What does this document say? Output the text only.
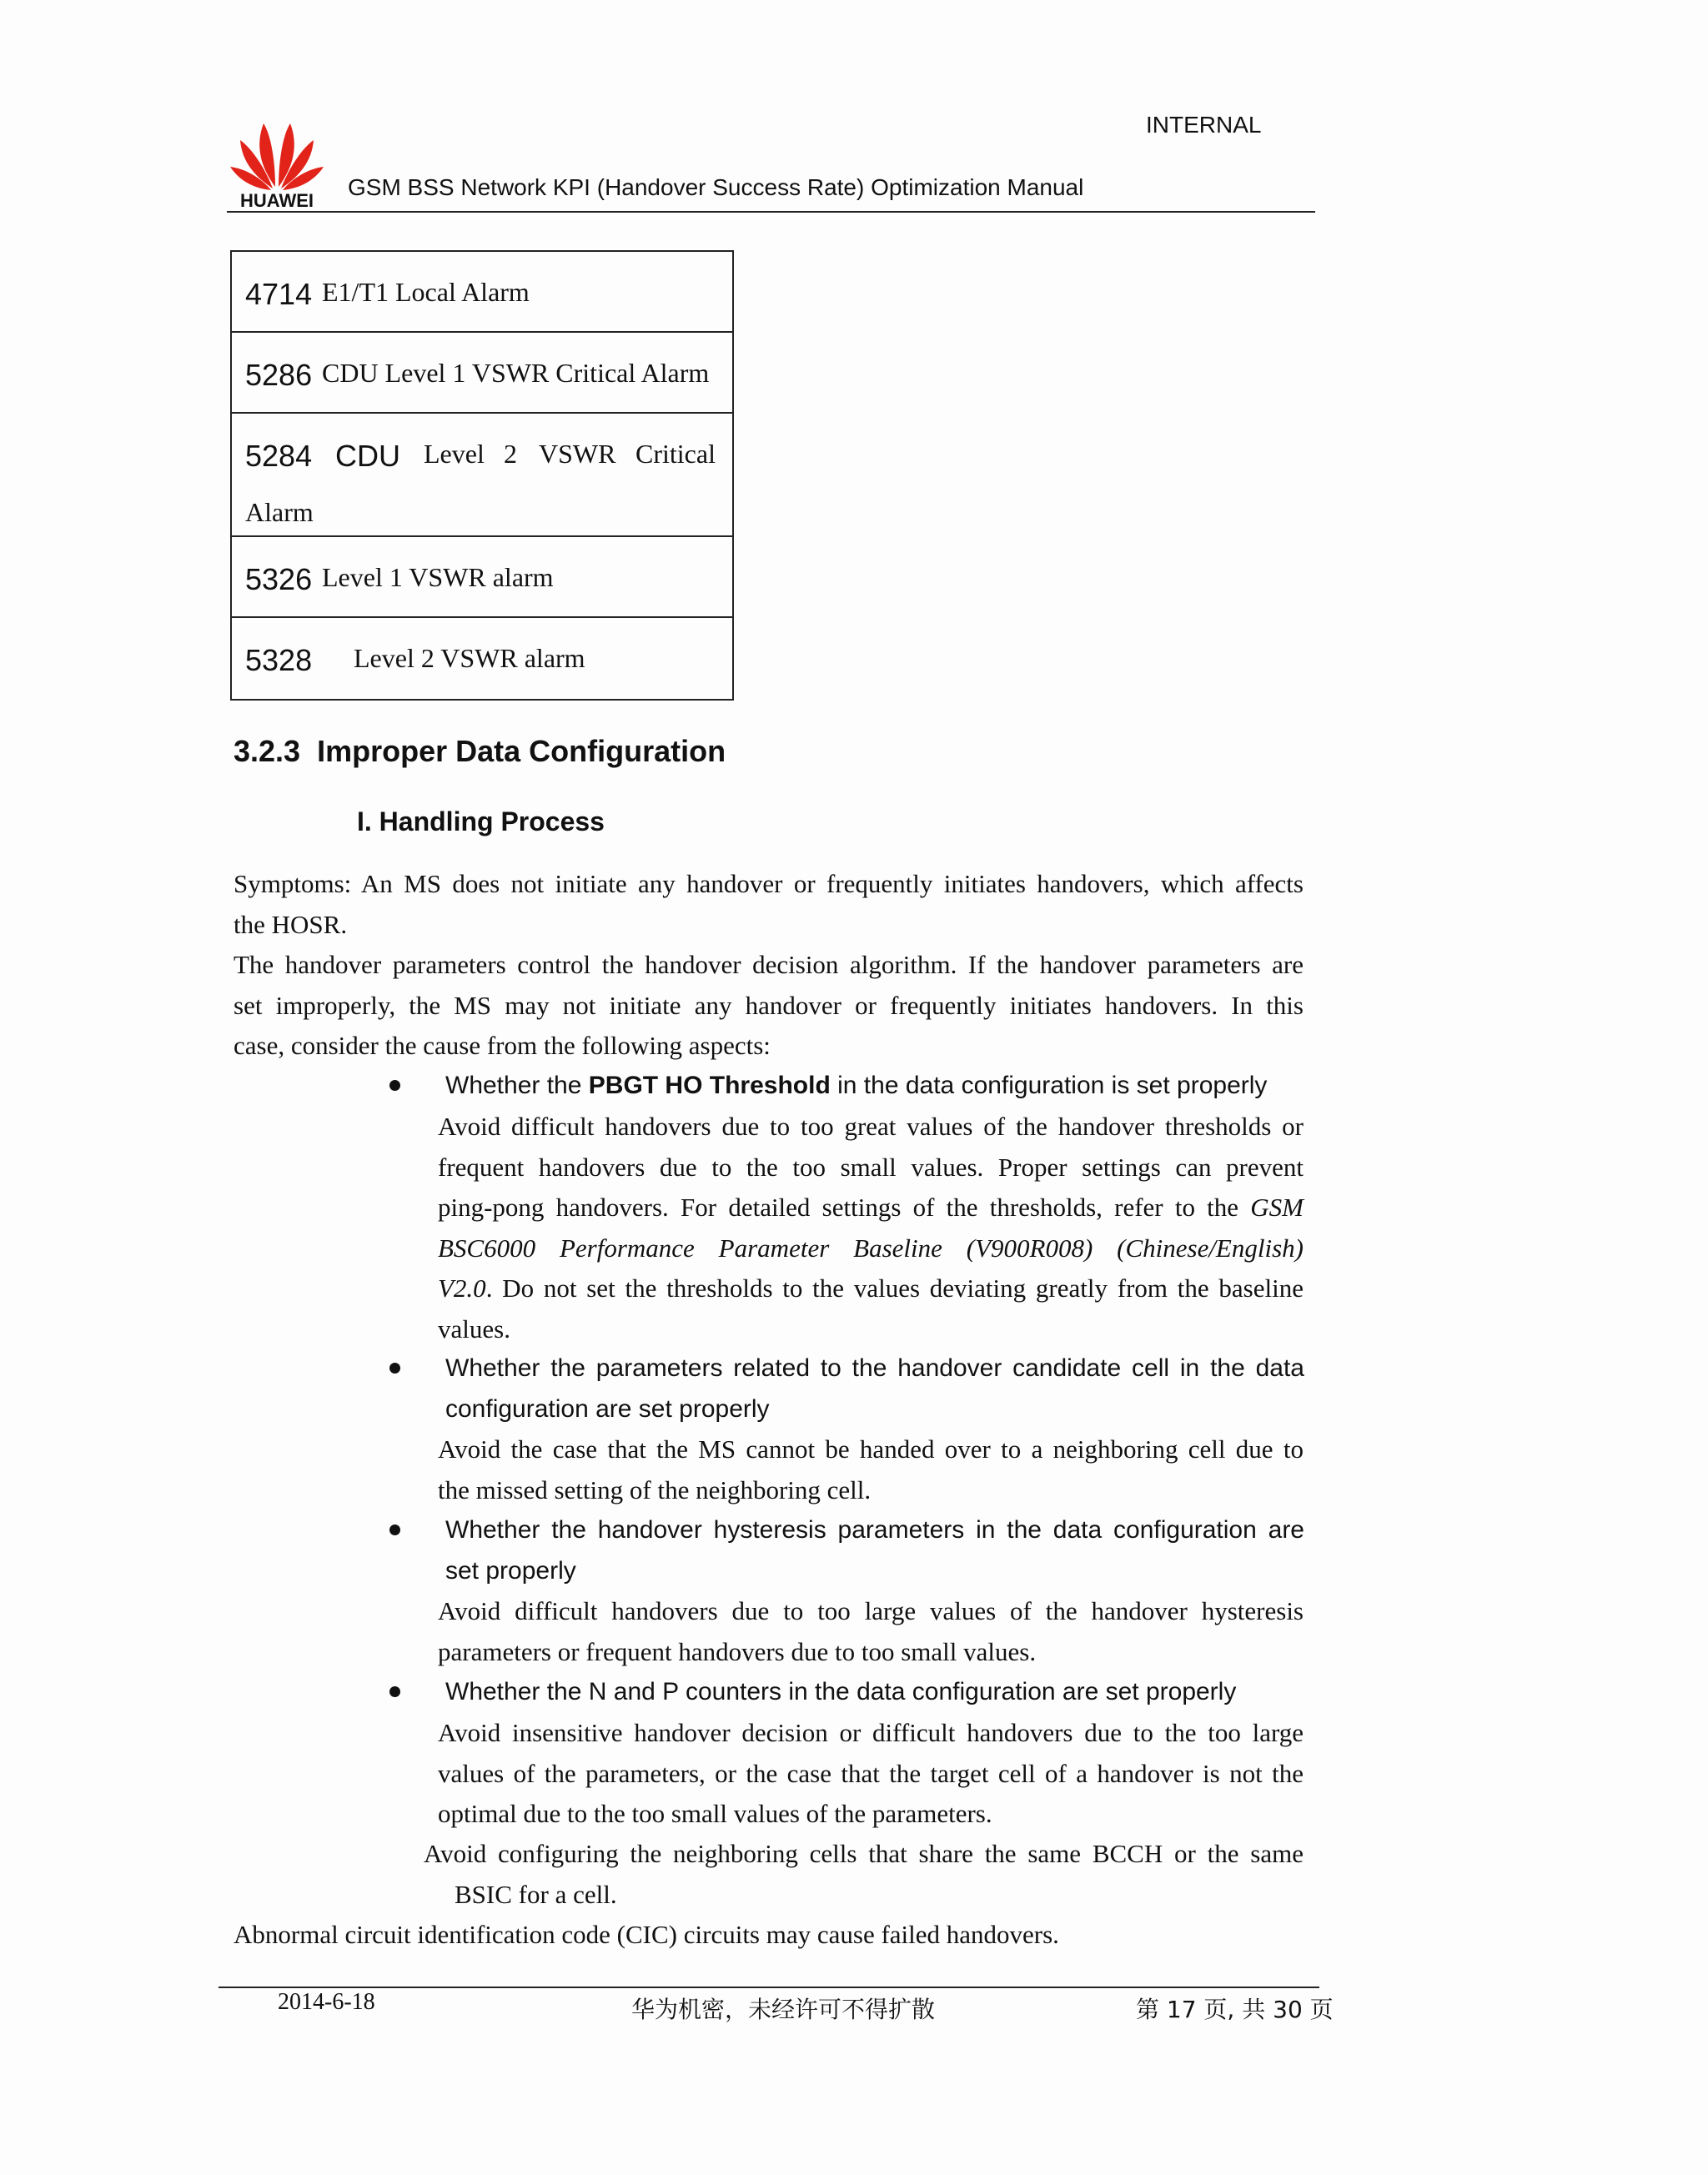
HUAWEI
INTERNAL
GSM BSS Network KPI (Handover Success Rate) Optimization Manual
4714 E1/T1 Local Alarm
5286 CDU Level 1 VSWR Critical Alarm
5284 CDU Level 2 VSWR Critical
Alarm
5326 Level 1 VSWR alarm
5328 Level 2 VSWR alarm
3.2.3  Improper Data Configuration
I. Handling Process
Symptoms: An MS does not initiate any handover or frequently initiates handovers, which affects
the HOSR.
The handover parameters control the handover decision algorithm. If the handover parameters are
set improperly, the MS may not initiate any handover or frequently initiates handovers. In this
case, consider the cause from the following aspects:
Whether the PBGT HO Threshold in the data configuration is set properly
Avoid difficult handovers due to too great values of the handover thresholds or
frequent handovers due to the too small values. Proper settings can prevent
ping-pong handovers. For detailed settings of the thresholds, refer to the GSM
BSC6000 Performance Parameter Baseline (V900R008) (Chinese/English)
V2.0. Do not set the thresholds to the values deviating greatly from the baseline
values.
Whether the parameters related to the handover candidate cell in the data
configuration are set properly
Avoid the case that the MS cannot be handed over to a neighboring cell due to
the missed setting of the neighboring cell.
Whether the handover hysteresis parameters in the data configuration are
set properly
Avoid difficult handovers due to too large values of the handover hysteresis
parameters or frequent handovers due to too small values.
Whether the N and P counters in the data configuration are set properly
Avoid insensitive handover decision or difficult handovers due to the too large
values of the parameters, or the case that the target cell of a handover is not the
optimal due to the too small values of the parameters.
Avoid configuring the neighboring cells that share the same BCCH or the same
BSIC for a cell.
Abnormal circuit identification code (CIC) circuits may cause failed handovers.
2014-6-18	华为机密，未经许可不得扩散	第 17 页, 共 30 页
